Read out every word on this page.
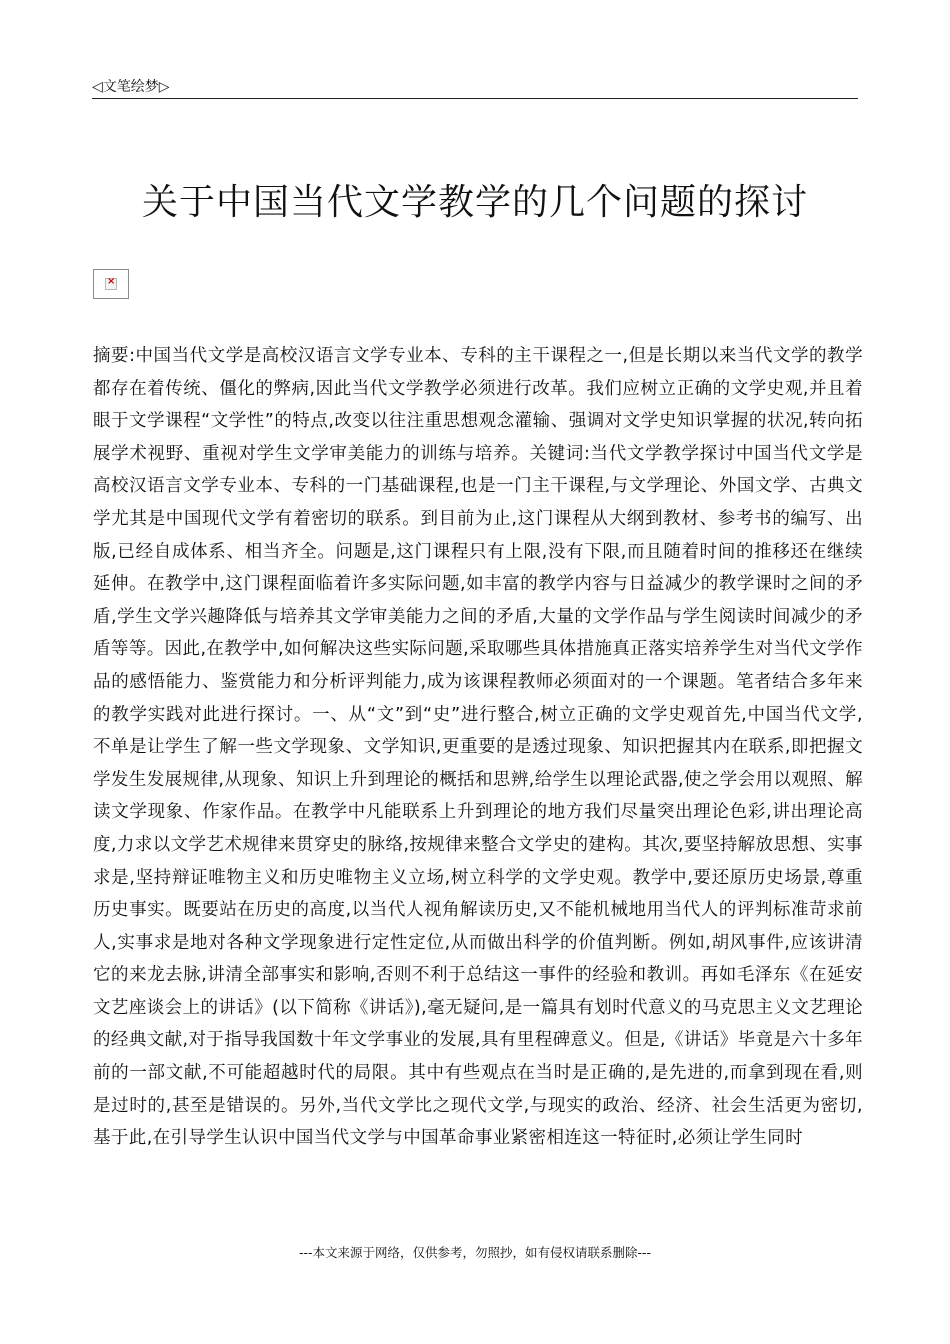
◁文笔绘梦▷
关于中国当代文学教学的几个问题的探讨
×

摘要:中国当代文学是高校汉语言文学专业本、专科的主干课程之一,但是长期以来当代文学的教学都存在着传统、僵化的弊病,因此当代文学教学必须进行改革。我们应树立正确的文学史观,并且着眼于文学课程“文学性”的特点,改变以往注重思想观念灌输、强调对文学史知识掌握的状况,转向拓展学术视野、重视对学生文学审美能力的训练与培养。关键词:当代文学教学探讨中国当代文学是高校汉语言文学专业本、专科的一门基础课程,也是一门主干课程,与文学理论、外国文学、古典文学尤其是中国现代文学有着密切的联系。到目前为止,这门课程从大纲到教材、参考书的编写、出版,已经自成体系、相当齐全。问题是,这门课程只有上限,没有下限,而且随着时间的推移还在继续延伸。在教学中,这门课程面临着许多实际问题,如丰富的教学内容与日益减少的教学课时之间的矛盾,学生文学兴趣降低与培养其文学审美能力之间的矛盾,大量的文学作品与学生阅读时间减少的矛盾等等。因此,在教学中,如何解决这些实际问题,采取哪些具体措施真正落实培养学生对当代文学作品的感悟能力、鉴赏能力和分析评判能力,成为该课程教师必须面对的一个课题。笔者结合多年来的教学实践对此进行探讨。一、从“文”到“史”进行整合,树立正确的文学史观首先,中国当代文学,不单是让学生了解一些文学现象、文学知识,更重要的是透过现象、知识把握其内在联系,即把握文学发生发展规律,从现象、知识上升到理论的概括和思辨,给学生以理论武器,使之学会用以观照、解读文学现象、作家作品。在教学中凡能联系上升到理论的地方我们尽量突出理论色彩,讲出理论高度,力求以文学艺术规律来贯穿史的脉络,按规律来整合文学史的建构。其次,要坚持解放思想、实事求是,坚持辩证唯物主义和历史唯物主义立场,树立科学的文学史观。教学中,要还原历史场景,尊重历史事实。既要站在历史的高度,以当代人视角解读历史,又不能机械地用当代人的评判标准苛求前人,实事求是地对各种文学现象进行定性定位,从而做出科学的价值判断。例如,胡风事件,应该讲清它的来龙去脉,讲清全部事实和影响,否则不利于总结这一事件的经验和教训。再如毛泽东《在延安文艺座谈会上的讲话》(以下简称《讲话》),毫无疑问,是一篇具有划时代意义的马克思主义文艺理论的经典文献,对于指导我国数十年文学事业的发展,具有里程碑意义。但是,《讲话》毕竟是六十多年前的一部文献,不可能超越时代的局限。其中有些观点在当时是正确的,是先进的,而拿到现在看,则是过时的,甚至是错误的。另外,当代文学比之现代文学,与现实的政治、经济、社会生活更为密切,基于此,在引导学生认识中国当代文学与中国革命事业紧密相连这一特征时,必须让学生同时

---本文来源于网络，仅供参考，勿照抄，如有侵权请联系删除---
